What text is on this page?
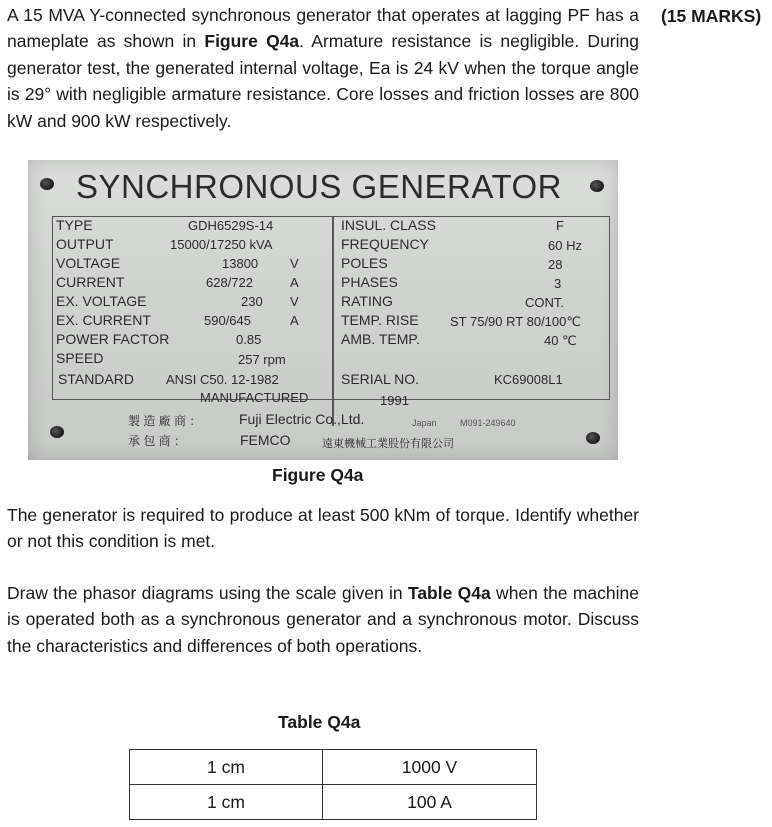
A 15 MVA Y-connected synchronous generator that operates at lagging PF has a nameplate as shown in Figure Q4a. Armature resistance is negligible. During generator test, the generated internal voltage, Ea is 24 kV when the torque angle is 29° with negligible armature resistance. Core losses and friction losses are 800 kW and 900 kW respectively.
(15 MARKS)
SYNCHRONOUS GENERATOR
TYPE	GDH6529S-14
OUTPUT	15000/17250 kVA
VOLTAGE	13800 V
CURRENT	628/722	A
EX. VOLTAGE	230 V
EX. CURRENT	590/645	A
POWER FACTOR	0.85
SPEED	257 rpm
STANDARD ANSI C50. 12-1982
INSUL. CLASS	F
FREQUENCY	60 Hz
POLES	28
PHASES	3
RATING	CONT.
TEMP. RISE ST 75/90 RT 80/100℃
AMB. TEMP.	40 ℃
SERIAL NO.	KC69008L1
MANUFACTURED	1991
製 造 廠 商 ：	Fuji Electric Co.,Ltd.	Japan	M091-249640
承 包 商 ：	FEMCO	遠東機械工業股份有限公司
Figure Q4a
The generator is required to produce at least 500 kNm of torque. Identify whether or not this condition is met.
Draw the phasor diagrams using the scale given in Table Q4a when the machine is operated both as a synchronous generator and a synchronous motor. Discuss the characteristics and differences of both operations.
Table Q4a
1 cm	1000 V
1 cm	100 A
